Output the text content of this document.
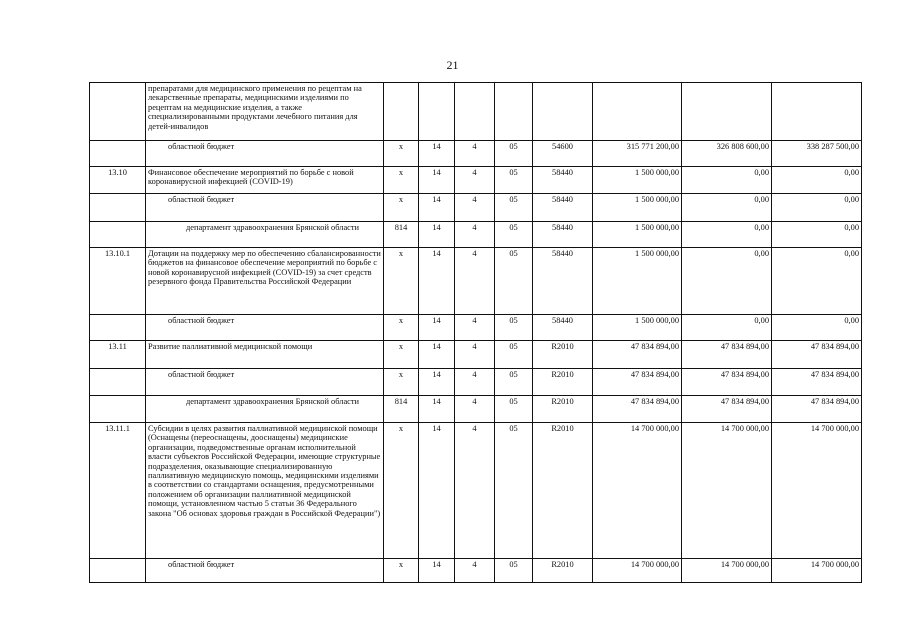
21
	препаратами для медицинского применения по рецептам на лекарственные препараты, медицинскими изделиями по рецептам на медицинские изделия, а также специализированными продуктами лечебного питания для детей-инвалидов								
	областной бюджет	х	14	4	05	54600	315 771 200,00	326 808 600,00	338 287 500,00
13.10	Финансовое обеспечение мероприятий по борьбе с новой коронавирусной инфекцией (COVID-19)	х	14	4	05	58440	1 500 000,00	0,00	0,00
	областной бюджет	х	14	4	05	58440	1 500 000,00	0,00	0,00
	департамент здравоохранения Брянской области	814	14	4	05	58440	1 500 000,00	0,00	0,00
13.10.1	Дотации на поддержку мер по обеспечению сбалансированности бюджетов на финансовое обеспечение мероприятий по борьбе с новой коронавирусной инфекцией (COVID-19) за счет средств резервного фонда Правительства Российской Федерации	х	14	4	05	58440	1 500 000,00	0,00	0,00
	областной бюджет	х	14	4	05	58440	1 500 000,00	0,00	0,00
13.11	Развитие паллиативной медицинской помощи	х	14	4	05	R2010	47 834 894,00	47 834 894,00	47 834 894,00
	областной бюджет	х	14	4	05	R2010	47 834 894,00	47 834 894,00	47 834 894,00
	департамент здравоохранения Брянской области	814	14	4	05	R2010	47 834 894,00	47 834 894,00	47 834 894,00
13.11.1	Субсидии в целях развития паллиативной медицинской помощи (Оснащены (переоснащены, дооснащены) медицинские организации, подведомственные органам исполнительной власти субъектов Российской Федерации, имеющие структурные подразделения, оказывающие специализированную паллиативную медицинскую помощь, медицинскими изделиями в соответствии со стандартами оснащения, предусмотренными положением об организации паллиативной медицинской помощи, установленном частью 5 статьи 36 Федерального закона "Об основах здоровья граждан в Российской Федерации")	х	14	4	05	R2010	14 700 000,00	14 700 000,00	14 700 000,00
	областной бюджет	х	14	4	05	R2010	14 700 000,00	14 700 000,00	14 700 000,00
